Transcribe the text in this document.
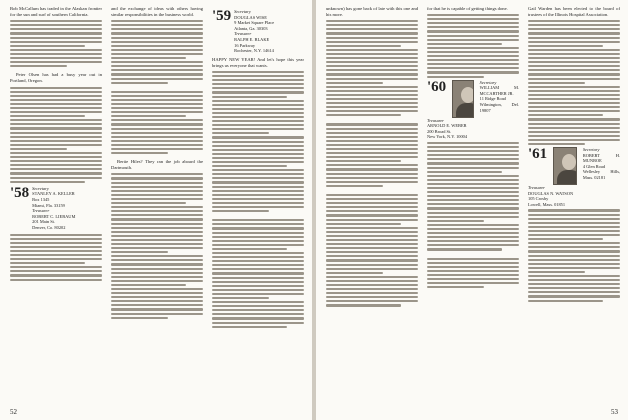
Bob McCallum has traded in the Alaskan frontier for the sun and surf of southern California.

Peter Olsen has had a busy year out in Portland, Oregon.

'58 Secretary
STANLEY A. KELLER
Box 1345
Miami, Fla. 33159
Treasurer
ROBERT C. LIEBAUM
201 Main St.
Denver, Co. 80202

and the exchange of ideas with others having similar responsibilities in the business world.

Bertie Hiles? They ran the job aboard the Dartmouth.

'59 Secretary
DOUGLAS WISE
9 Market Square Place
Atlanta, Ga. 30303
Treasurer
RALPH E. BLAKE
16 Parkway
Rochester, N.Y. 14614

HAPPY NEW YEAR! And let's hope this year brings us everyone that wants.

52

unknown) has gone back of late with this one and his more.

for that he is capable of getting things done.

'60	Secretary
WILLIAM M. MCCARTHER JR.
11 Ridge Road
Wilmington, Del. 19807
Treasurer
ARNOLD E. WEBER
200 Broad St.
New York, N.Y. 10004

Gail Warden has been elected to the board of trustees of the Illinois Hospital Association.

'61	Secretary
ROBERT H. MUNROE
4 Glen Road
Wellesley Hills, Mass. 02181
Treasurer
DOUGLAS N. WATSON
105 Crosby
Lowell, Mass. 01851
53
